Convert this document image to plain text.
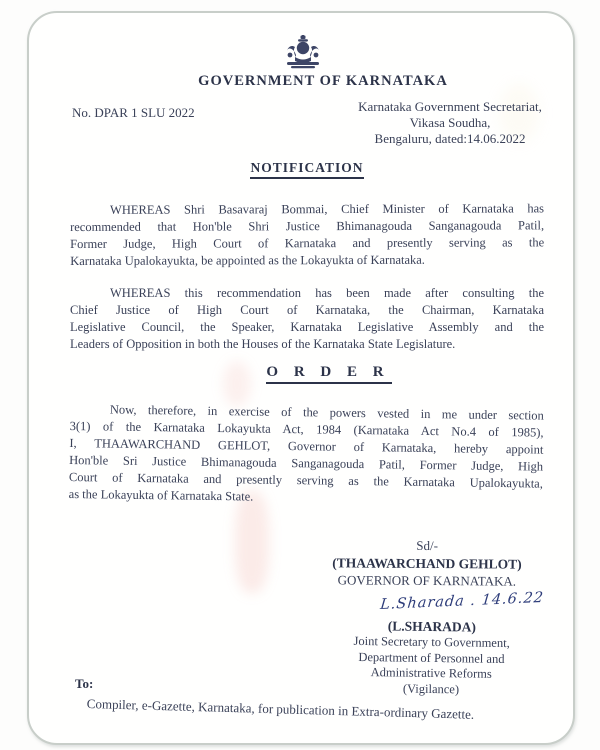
GOVERNMENT OF KARNATAKA
No. DPAR 1 SLU 2022	Karnataka Government Secretariat,
Vikasa Soudha,
Bengaluru, dated:14.06.2022
NOTIFICATION
WHEREAS Shri Basavaraj Bommai, Chief Minister of Karnataka has
recommended that Hon'ble Shri Justice Bhimanagouda Sanganagouda Patil,
Former Judge, High Court of Karnataka and presently serving as the
Karnataka Upalokayukta, be appointed as the Lokayukta of Karnataka.
WHEREAS this recommendation has been made after consulting the
Chief Justice of High Court of Karnataka, the Chairman, Karnataka
Legislative Council, the Speaker, Karnataka Legislative Assembly and the
Leaders of Opposition in both the Houses of the Karnataka State Legislature.
O R D E R
Now, therefore, in exercise of the powers vested in me under section
3(1) of the Karnataka Lokayukta Act, 1984 (Karnataka Act No.4 of 1985),
I, THAAWARCHAND GEHLOT, Governor of Karnataka, hereby appoint
Hon'ble Sri Justice Bhimanagouda Sanganagouda Patil, Former Judge, High
Court of Karnataka and presently serving as the Karnataka Upalokayukta,
as the Lokayukta of Karnataka State.
Sd/-
(THAAWARCHAND GEHLOT)
GOVERNOR OF KARNATAKA.
L.Sharada . 14.6.22
(L.SHARADA)
Joint Secretary to Government,
Department of Personnel and
Administrative Reforms
(Vigilance)
To:
Compiler, e-Gazette, Karnataka, for publication in Extra-ordinary Gazette.
